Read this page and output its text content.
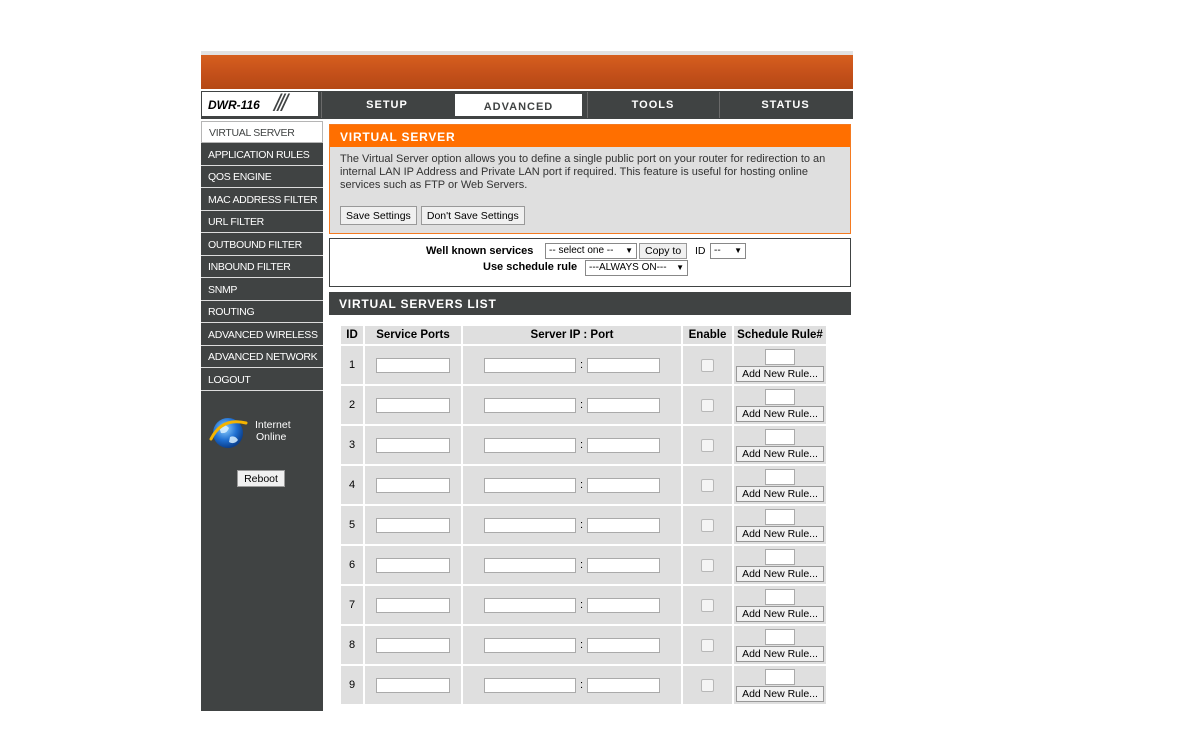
DWR-116 ///	SETUP	ADVANCED	TOOLS	STATUS
VIRTUAL SERVER
APPLICATION RULES
QOS ENGINE
MAC ADDRESS FILTER
URL FILTER
OUTBOUND FILTER
INBOUND FILTER
SNMP
ROUTING
ADVANCED WIRELESS
ADVANCED NETWORK
LOGOUT
Internet
Online
Reboot
VIRTUAL SERVER
The Virtual Server option allows you to define a single public port on your router for redirection to an internal LAN IP Address and Private LAN port if required. This feature is useful for hosting online services such as FTP or Web Servers.
Save Settings Don't Save Settings
Well known services	-- select one -- ▼	Copy to	ID -- ▼
Use schedule rule	---ALWAYS ON--- ▼
VIRTUAL SERVERS LIST
ID	Service Ports	Server IP : Port	Enable	Schedule Rule#
1		:		Add New Rule...
2		:		Add New Rule...
3		:		Add New Rule...
4		:		Add New Rule...
5		:		Add New Rule...
6		:		Add New Rule...
7		:		Add New Rule...
8		:		Add New Rule...
9		:		Add New Rule...
